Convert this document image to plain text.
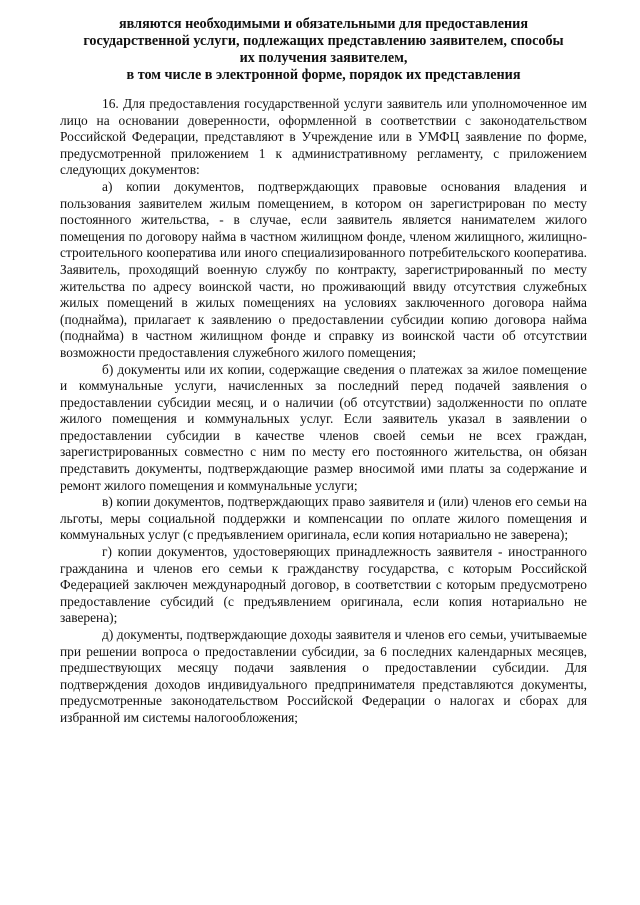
являются необходимыми и обязательными для предоставления
государственной услуги, подлежащих представлению заявителем, способы
их получения заявителем,
в том числе в электронной форме, порядок их представления

16. Для предоставления государственной услуги заявитель или уполномоченное им лицо на основании доверенности, оформленной в соответствии с законодательством Российской Федерации, представляют в Учреждение или в УМФЦ заявление по форме, предусмотренной приложением 1 к административному регламенту, с приложением следующих документов:

а) копии документов, подтверждающих правовые основания владения и пользования заявителем жилым помещением, в котором он зарегистрирован по месту постоянного жительства, - в случае, если заявитель является нанимателем жилого помещения по договору найма в частном жилищном фонде, членом жилищного, жилищно-строительного кооператива или иного специализированного потребительского кооператива. Заявитель, проходящий военную службу по контракту, зарегистрированный по месту жительства по адресу воинской части, но проживающий ввиду отсутствия служебных жилых помещений в жилых помещениях на условиях заключенного договора найма (поднайма), прилагает к заявлению о предоставлении субсидии копию договора найма (поднайма) в частном жилищном фонде и справку из воинской части об отсутствии возможности предоставления служебного жилого помещения;

б) документы или их копии, содержащие сведения о платежах за жилое помещение и коммунальные услуги, начисленных за последний перед подачей заявления о предоставлении субсидии месяц, и о наличии (об отсутствии) задолженности по оплате жилого помещения и коммунальных услуг. Если заявитель указал в заявлении о предоставлении субсидии в качестве членов своей семьи не всех граждан, зарегистрированных совместно с ним по месту его постоянного жительства, он обязан представить документы, подтверждающие размер вносимой ими платы за содержание и ремонт жилого помещения и коммунальные услуги;

в) копии документов, подтверждающих право заявителя и (или) членов его семьи на льготы, меры социальной поддержки и компенсации по оплате жилого помещения и коммунальных услуг (с предъявлением оригинала, если копия нотариально не заверена);

г) копии документов, удостоверяющих принадлежность заявителя - иностранного гражданина и членов его семьи к гражданству государства, с которым Российской Федерацией заключен международный договор, в соответствии с которым предусмотрено предоставление субсидий (с предъявлением оригинала, если копия нотариально не заверена);

д) документы, подтверждающие доходы заявителя и членов его семьи, учитываемые при решении вопроса о предоставлении субсидии, за 6 последних календарных месяцев, предшествующих месяцу подачи заявления о предоставлении субсидии. Для подтверждения доходов индивидуального предпринимателя представляются документы, предусмотренные законодательством Российской Федерации о налогах и сборах для избранной им системы налогообложения;
